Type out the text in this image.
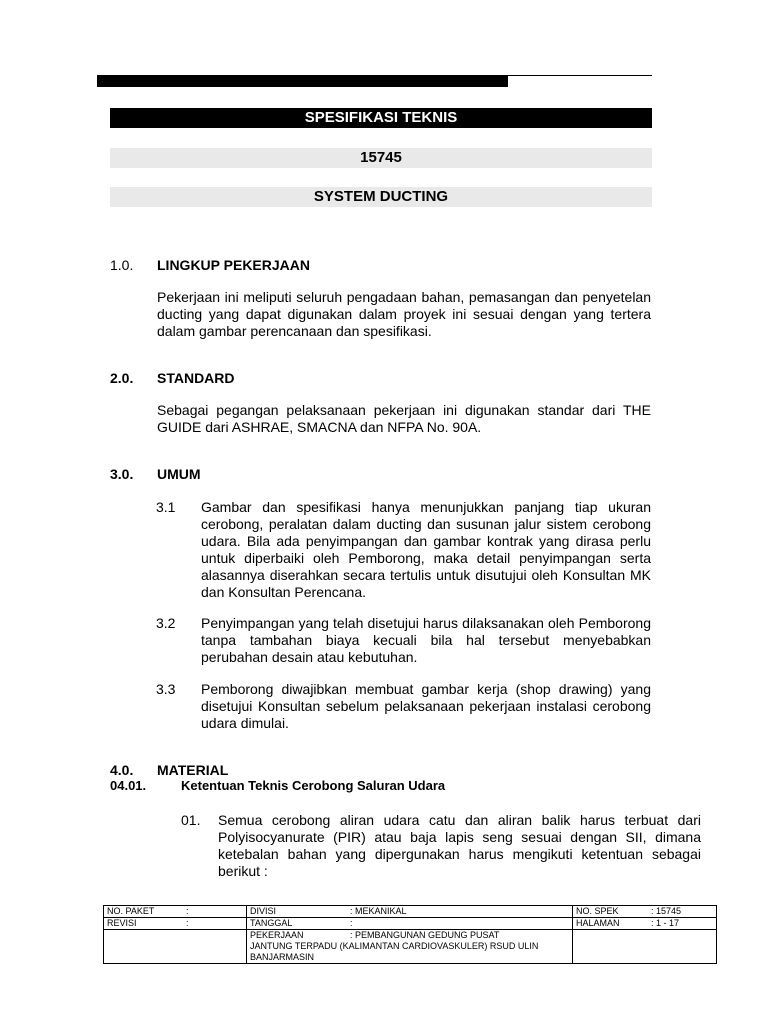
SPESIFIKASI TEKNIS
15745
SYSTEM DUCTING
1.0. LINGKUP PEKERJAAN
Pekerjaan ini meliputi seluruh pengadaan bahan, pemasangan dan penyetelan ducting yang dapat digunakan dalam proyek ini sesuai dengan yang tertera dalam gambar perencanaan dan spesifikasi.
2.0. STANDARD
Sebagai pegangan pelaksanaan pekerjaan ini digunakan standar dari THE GUIDE dari ASHRAE, SMACNA dan NFPA No. 90A.
3.0. UMUM
3.1 Gambar dan spesifikasi hanya menunjukkan panjang tiap ukuran cerobong, peralatan dalam ducting dan susunan jalur sistem cerobong udara. Bila ada penyimpangan dan gambar kontrak yang dirasa perlu untuk diperbaiki oleh Pemborong, maka detail penyimpangan serta alasannya diserahkan secara tertulis untuk disutujui oleh Konsultan MK dan Konsultan Perencana.
3.2 Penyimpangan yang telah disetujui harus dilaksanakan oleh Pemborong tanpa tambahan biaya kecuali bila hal tersebut menyebabkan perubahan desain atau kebutuhan.
3.3 Pemborong diwajibkan membuat gambar kerja (shop drawing) yang disetujui Konsultan sebelum pelaksanaan pekerjaan instalasi cerobong udara dimulai.
4.0. MATERIAL
04.01.	Ketentuan Teknis Cerobong Saluran Udara
01. Semua cerobong aliran udara catu dan aliran balik harus terbuat dari Polyisocyanurate (PIR) atau baja lapis seng sesuai dengan SII, dimana ketebalan bahan yang dipergunakan harus mengikuti ketentuan sebagai berikut :
NO. PAKET :	DIVISI : MEKANIKAL	NO. SPEK : 15745

REVISI :	TANGGAL :	HALAMAN : 1 - 17

	PEKERJAAN : PEMBANGUNAN GEDUNG PUSAT
JANTUNG TERPADU (KALIMANTAN CARDIOVASKULER) RSUD ULIN BANJARMASIN	
